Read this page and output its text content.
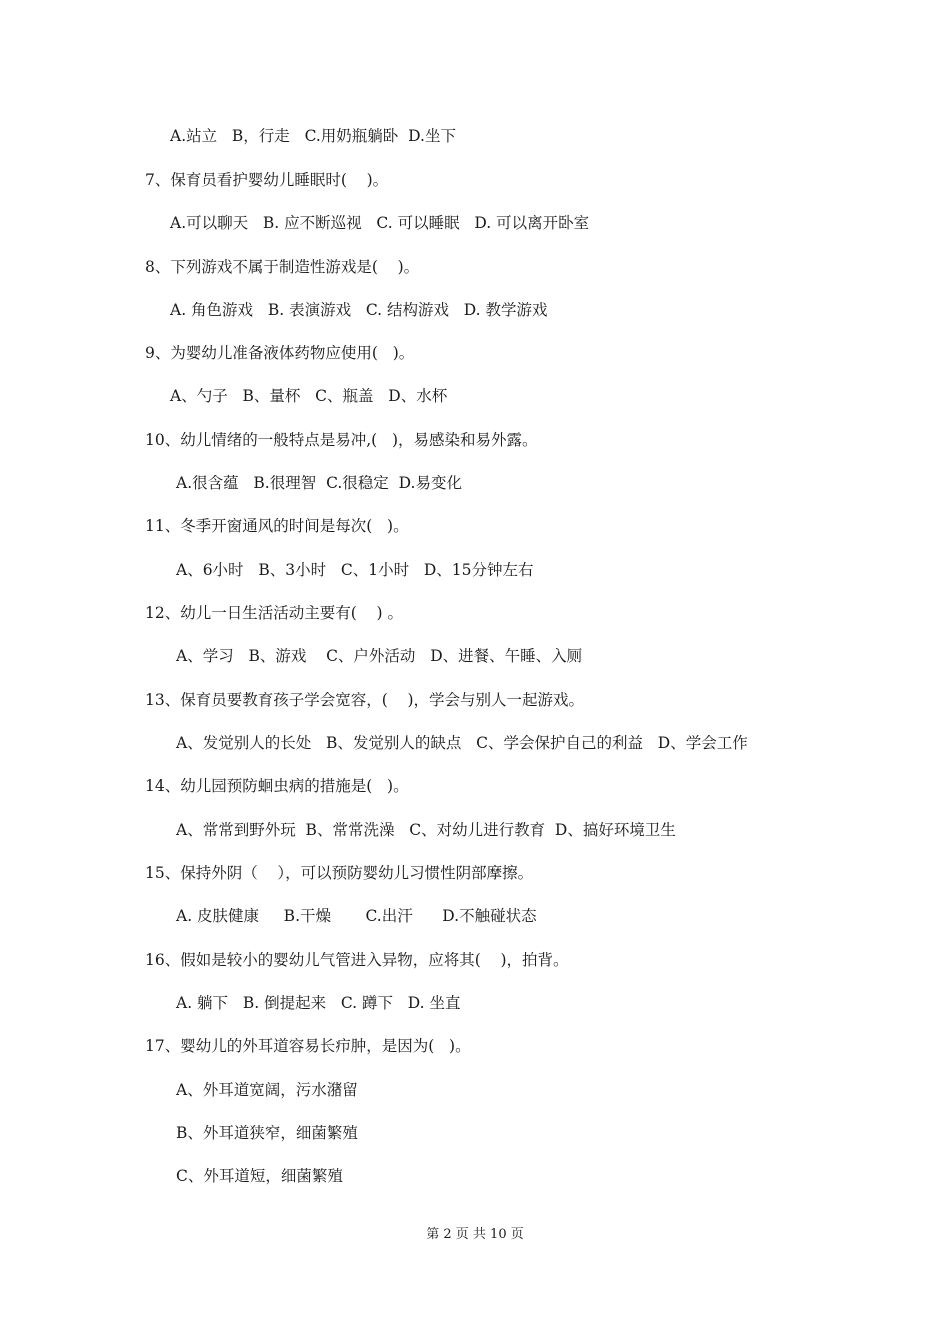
A.站立   B，行走   C.用奶瓶躺卧  D.坐下
7、保育员看护婴幼儿睡眠时(    )。
A.可以聊天   B. 应不断巡视   C. 可以睡眠   D. 可以离开卧室
8、下列游戏不属于制造性游戏是(    )。
A. 角色游戏   B. 表演游戏   C. 结构游戏   D. 教学游戏
9、为婴幼儿准备液体药物应使用(   )。
A、勺子   B、量杯   C、瓶盖   D、水杯
10、幼儿情绪的一般特点是易冲,(   )，易感染和易外露。
A.很含蕴   B.很理智  C.很稳定  D.易变化
11、冬季开窗通风的时间是每次(   )。
A、6小时   B、3小时   C、1小时   D、15分钟左右
12、幼儿一日生活活动主要有(    ) 。
A、学习   B、游戏    C、户外活动   D、进餐、午睡、入厕
13、保育员要教育孩子学会宽容，(    )，学会与别人一起游戏。
A、发觉别人的长处   B、发觉别人的缺点   C、学会保护自己的利益   D、学会工作
14、幼儿园预防蛔虫病的措施是(   )。
A、常常到野外玩  B、常常洗澡   C、对幼儿进行教育  D、搞好环境卫生
15、保持外阴（    ），可以预防婴幼儿习惯性阴部摩擦。
A. 皮肤健康     B.干燥       C.出汗      D.不触碰状态
16、假如是较小的婴幼儿气管进入异物，应将其(    )，拍背。
A. 躺下   B. 倒提起来   C. 蹲下   D. 坐直
17、婴幼儿的外耳道容易长疖肿，是因为(   )。
A、外耳道宽阔，污水潴留
B、外耳道狭窄，细菌繁殖
C、外耳道短，细菌繁殖
第 2 页 共 10 页
